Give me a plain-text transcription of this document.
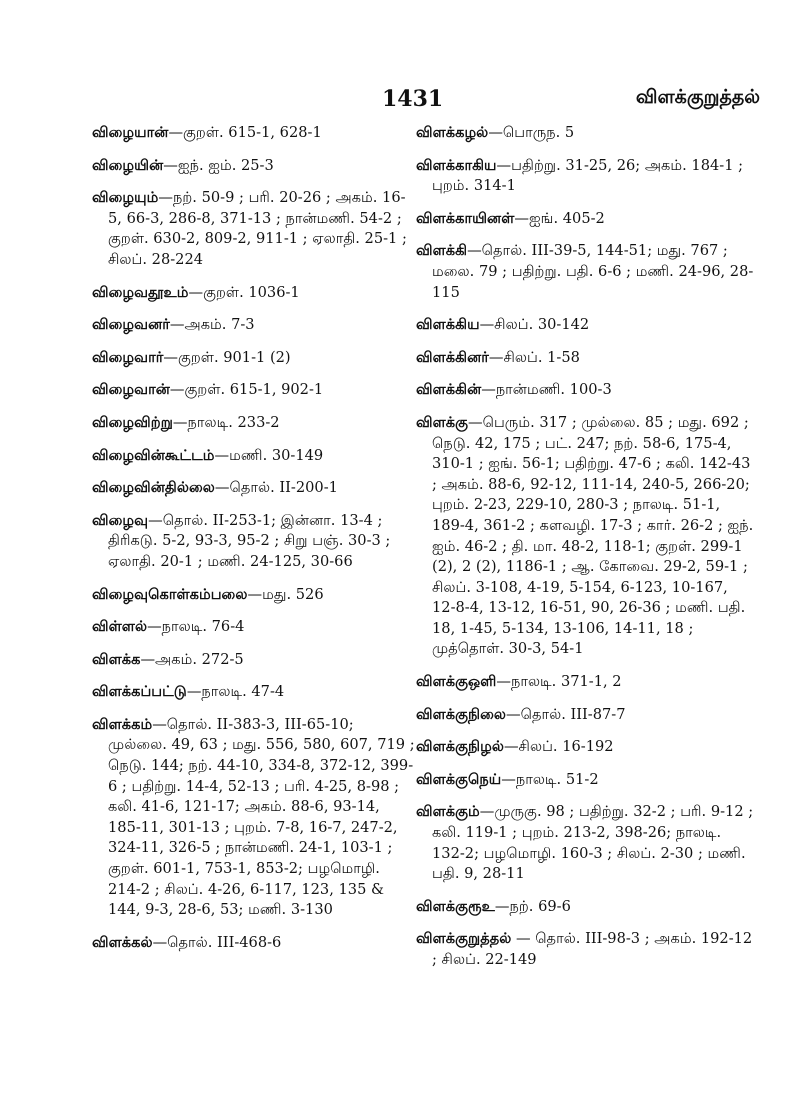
1431	விளக்குறுத்தல்

விழையான்—குறள். 615-1, 628-1

விழையின்—ஐந். ஐம். 25-3

விழையும்—நற். 50-9 ; பரி. 20-26 ; அகம். 16-5, 66-3, 286-8, 371-13 ; நான்மணி. 54-2 ; குறள். 630-2, 809-2, 911-1 ; ஏலாதி. 25-1 ; சிலப். 28-224

விழைவதூஉம்—குறள். 1036-1

விழைவனர்—அகம். 7-3

விழைவார்—குறள். 901-1 (2)

விழைவான்—குறள். 615-1, 902-1

விழைவிற்று—நாலடி. 233-2

விழைவின்கூட்டம்—மணி. 30-149

விழைவின்தில்லை—தொல். II-200-1

விழைவு—தொல். II-253-1; இன்னா. 13-4 ; திரிகடு. 5-2, 93-3, 95-2 ; சிறு பஞ். 30-3 ; ஏலாதி. 20-1 ; மணி. 24-125, 30-66

விழைவுகொள்கம்பலை—மது. 526

விள்ளல்—நாலடி. 76-4

விளக்க—அகம். 272-5

விளக்கப்பட்டு—நாலடி. 47-4

விளக்கம்—தொல். II-383-3, III-65-10; முல்லை. 49, 63 ; மது. 556, 580, 607, 719 ; நெடு. 144; நற். 44-10, 334-8, 372-12, 399-6 ; பதிற்று. 14-4, 52-13 ; பரி. 4-25, 8-98 ; கலி. 41-6, 121-17; அகம். 88-6, 93-14, 185-11, 301-13 ; புறம். 7-8, 16-7, 247-2, 324-11, 326-5 ; நான்மணி. 24-1, 103-1 ; குறள். 601-1, 753-1, 853-2; பழமொழி. 214-2 ; சிலப். 4-26, 6-117, 123, 135 & 144, 9-3, 28-6, 53; மணி. 3-130

விளக்கல்—தொல். III-468-6

விளக்கழல்—பொருந. 5

விளக்காகிய—பதிற்று. 31-25, 26; அகம். 184-1 ; புறம். 314-1

விளக்காயினள்—ஐங். 405-2

விளக்கி—தொல். III-39-5, 144-51; மது. 767 ; மலை. 79 ; பதிற்று. பதி. 6-6 ; மணி. 24-96, 28-115

விளக்கிய—சிலப். 30-142

விளக்கினர்—சிலப். 1-58

விளக்கின்—நான்மணி. 100-3

விளக்கு—பெரும். 317 ; முல்லை. 85 ; மது. 692 ; நெடு. 42, 175 ; பட். 247; நற். 58-6, 175-4, 310-1 ; ஐங். 56-1; பதிற்று. 47-6 ; கலி. 142-43 ; அகம். 88-6, 92-12, 111-14, 240-5, 266-20; புறம். 2-23, 229-10, 280-3 ; நாலடி. 51-1, 189-4, 361-2 ; களவழி. 17-3 ; கார். 26-2 ; ஐந். ஐம். 46-2 ; தி. மா. 48-2, 118-1; குறள். 299-1 (2), 2 (2), 1186-1 ; ஆ. கோவை. 29-2, 59-1 ; சிலப். 3-108, 4-19, 5-154, 6-123, 10-167, 12-8-4, 13-12, 16-51, 90, 26-36 ; மணி. பதி. 18, 1-45, 5-134, 13-106, 14-11, 18 ; முத்தொள். 30-3, 54-1

விளக்குஒளி—நாலடி. 371-1, 2

விளக்குநிலை—தொல். III-87-7

விளக்குநிழல்—சிலப். 16-192

விளக்குநெய்—நாலடி. 51-2

விளக்கும்—முருகு. 98 ; பதிற்று. 32-2 ; பரி. 9-12 ; கலி. 119-1 ; புறம். 213-2, 398-26; நாலடி. 132-2; பழமொழி. 160-3 ; சிலப். 2-30 ; மணி. பதி. 9, 28-11

விளக்குரூஉ—நற். 69-6

விளக்குறுத்தல் — தொல். III-98-3 ; அகம். 192-12 ; சிலப். 22-149
